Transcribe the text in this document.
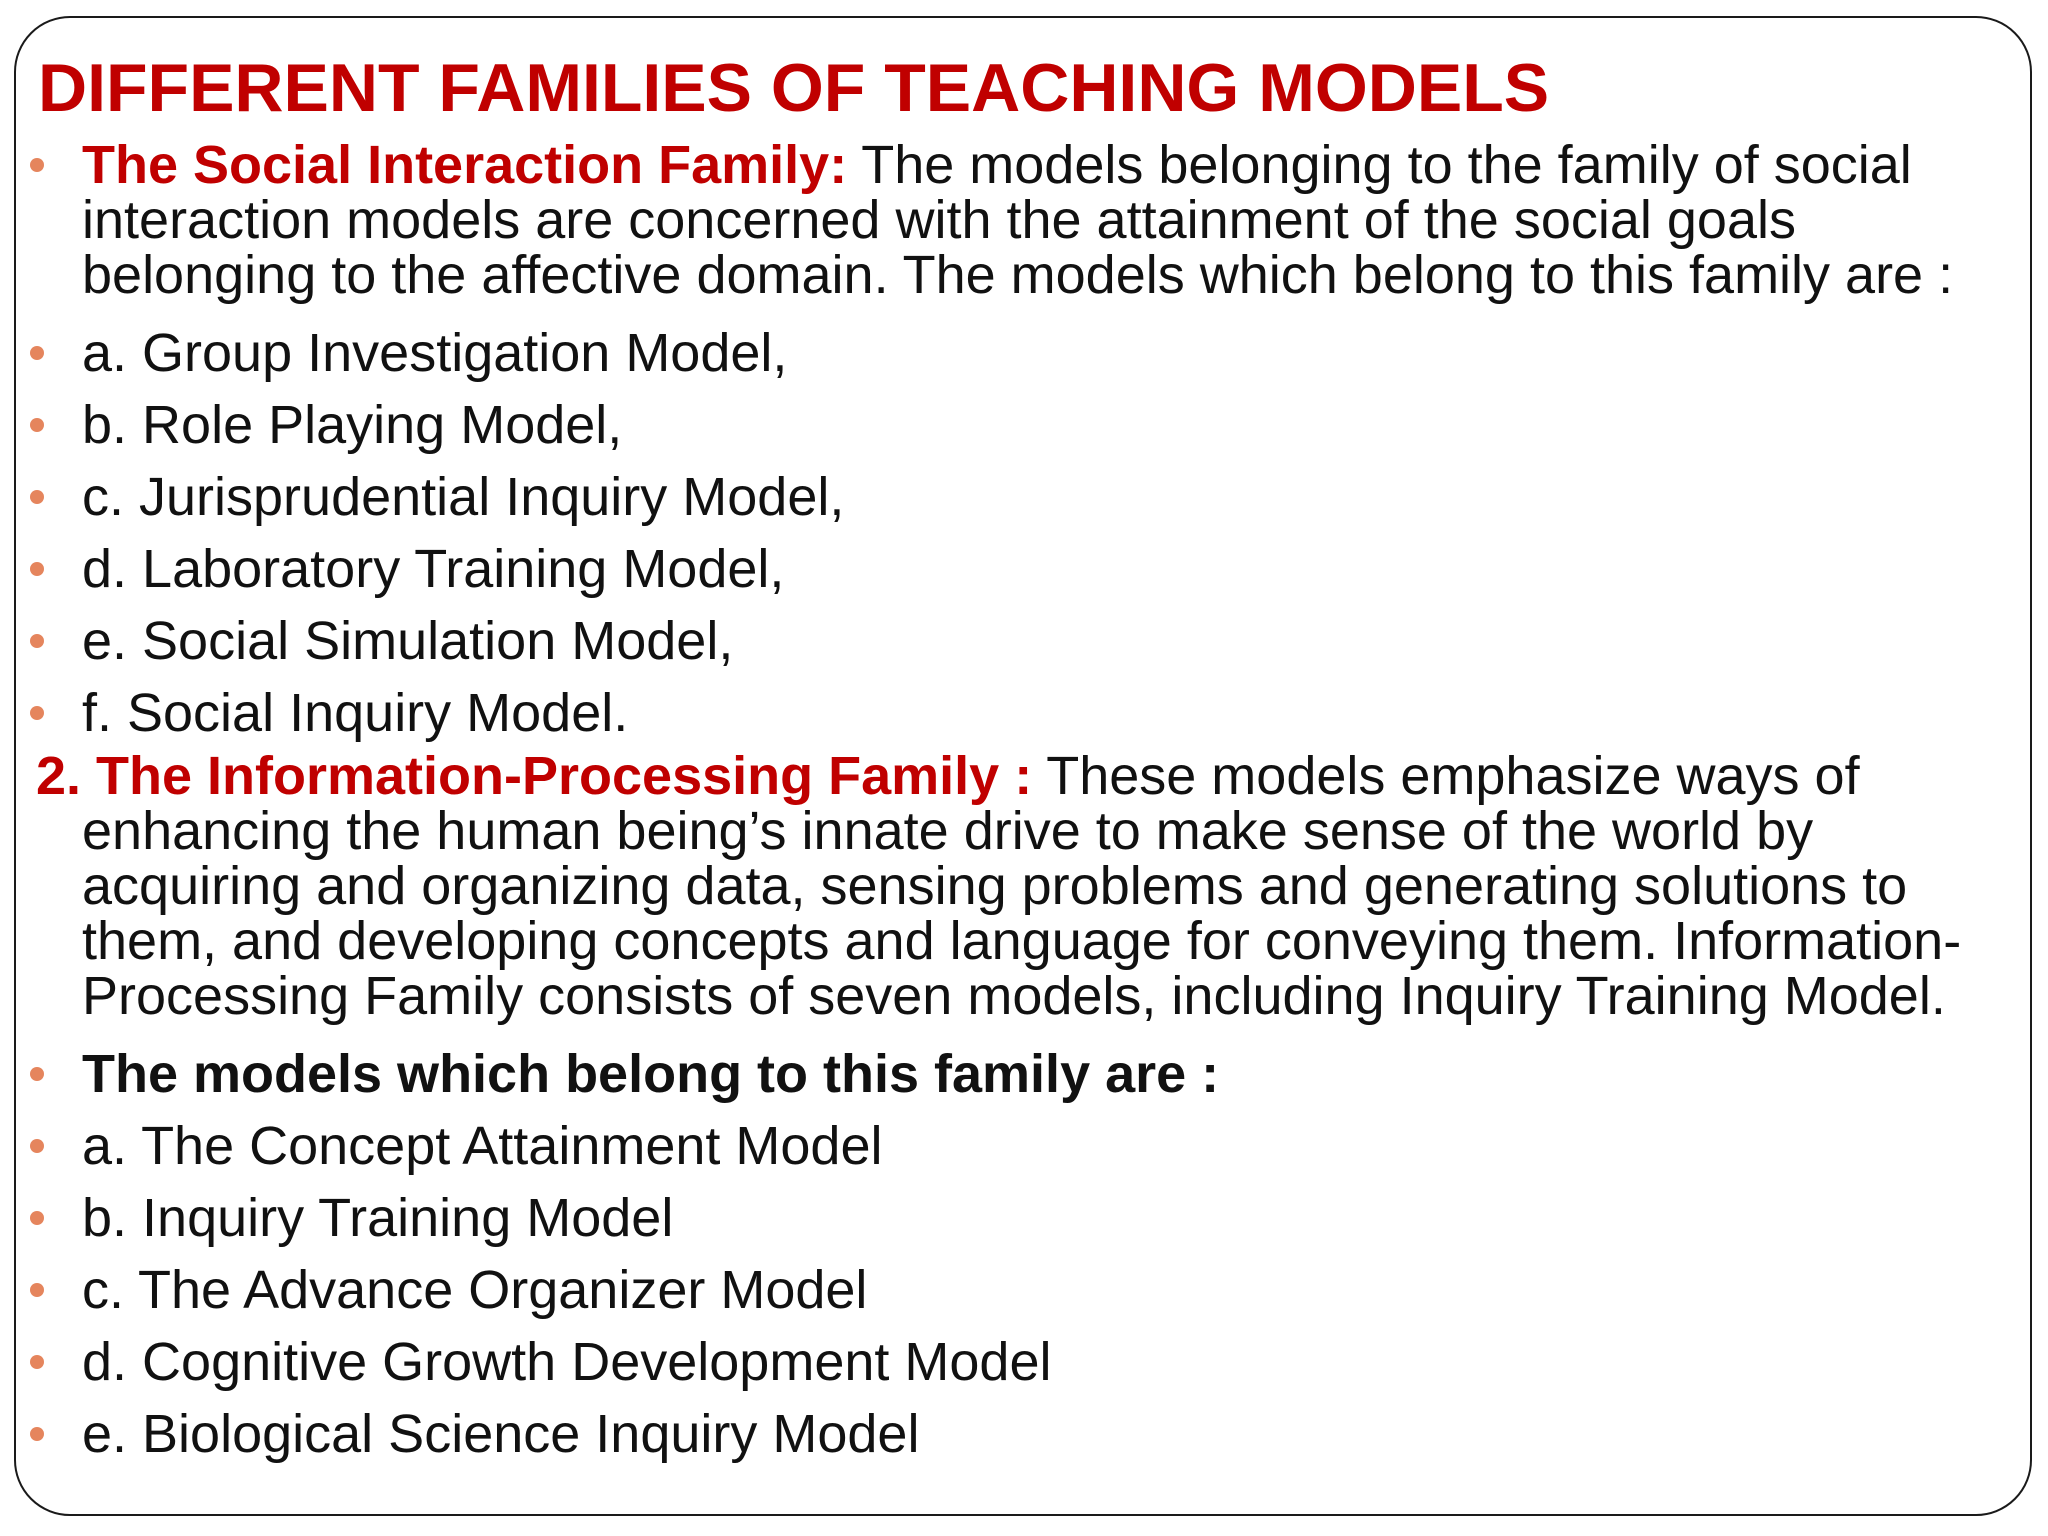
DIFFERENT FAMILIES OF TEACHING MODELS
The Social Interaction Family: The models belonging to the family of social interaction models are concerned with the attainment of the social goals belonging to the affective domain. The models which belong to this family are :
a. Group Investigation Model,
b. Role Playing Model,
c. Jurisprudential Inquiry Model,
d. Laboratory Training Model,
e. Social Simulation Model,
f. Social Inquiry Model.
2. The Information-Processing Family : These models emphasize ways of enhancing the human being’s innate drive to make sense of the world by acquiring and organizing data, sensing problems and generating solutions to them, and developing concepts and language for conveying them. Information-Processing Family consists of seven models, including Inquiry Training Model.
The models which belong to this family are :
a. The Concept Attainment Model
b. Inquiry Training Model
c. The Advance Organizer Model
d. Cognitive Growth Development Model
e. Biological Science Inquiry Model
